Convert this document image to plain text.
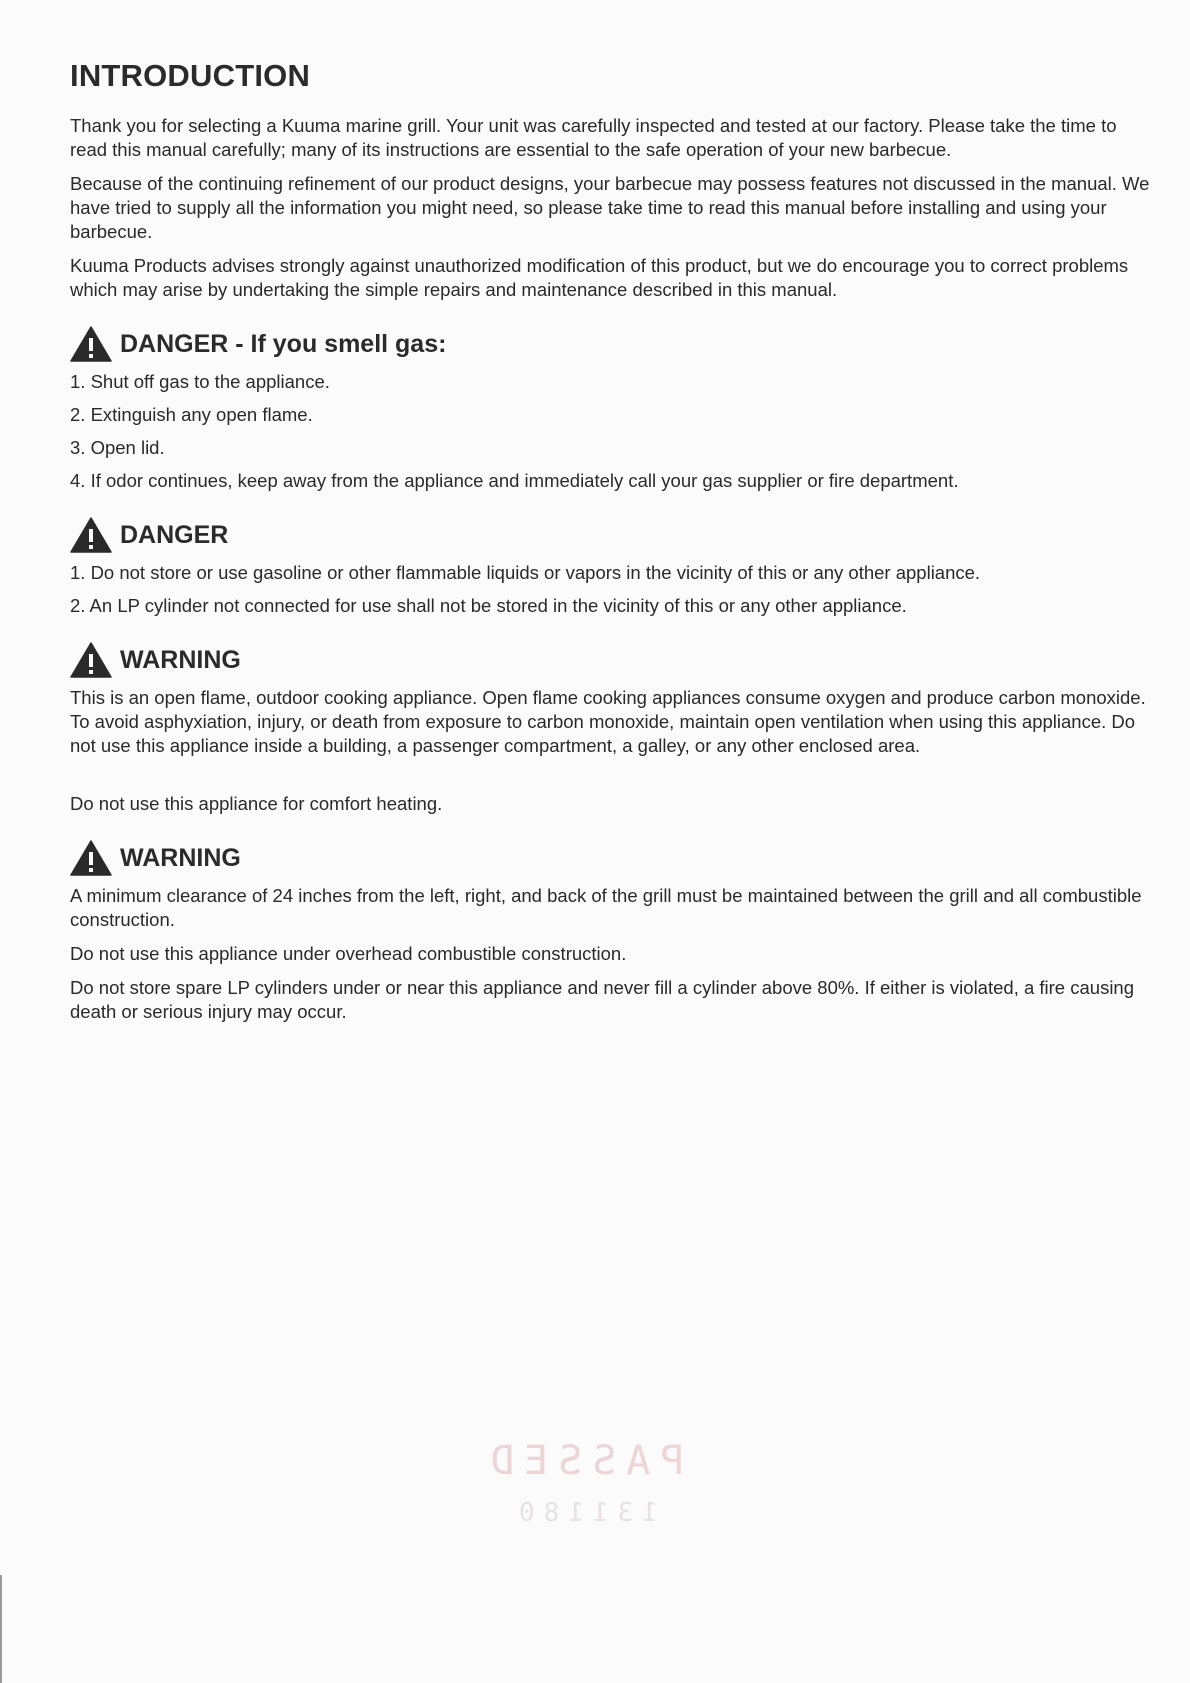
INTRODUCTION

Thank you for selecting a Kuuma marine grill. Your unit was carefully inspected and tested at our factory. Please take the time to read this manual carefully; many of its instructions are essential to the safe operation of your new barbecue.

Because of the continuing refinement of our product designs, your barbecue may possess features not discussed in the manual. We have tried to supply all the information you might need, so please take time to read this manual before installing and using your barbecue.

Kuuma Products advises strongly against unauthorized modification of this product, but we do encourage you to correct problems which may arise by undertaking the simple repairs and maintenance described in this manual.

DANGER - If you smell gas:
1. Shut off gas to the appliance.
2. Extinguish any open flame.
3. Open lid.
4. If odor continues, keep away from the appliance and immediately call your gas supplier or fire department.
DANGER
1. Do not store or use gasoline or other flammable liquids or vapors in the vicinity of this or any other appliance.
2. An LP cylinder not connected for use shall not be stored in the vicinity of this or any other appliance.
WARNING

This is an open flame, outdoor cooking appliance. Open flame cooking appliances consume oxygen and produce carbon monoxide. To avoid asphyxiation, injury, or death from exposure to carbon monoxide, maintain open ventilation when using this appliance. Do not use this appliance inside a building, a passenger compartment, a galley, or any other enclosed area.

Do not use this appliance for comfort heating.

WARNING

A minimum clearance of 24 inches from the left, right, and back of the grill must be maintained between the grill and all combustible construction.

Do not use this appliance under overhead combustible construction.

Do not store spare LP cylinders under or near this appliance and never fill a cylinder above 80%. If either is violated, a fire causing death or serious injury may occur.

PASSED
131180
